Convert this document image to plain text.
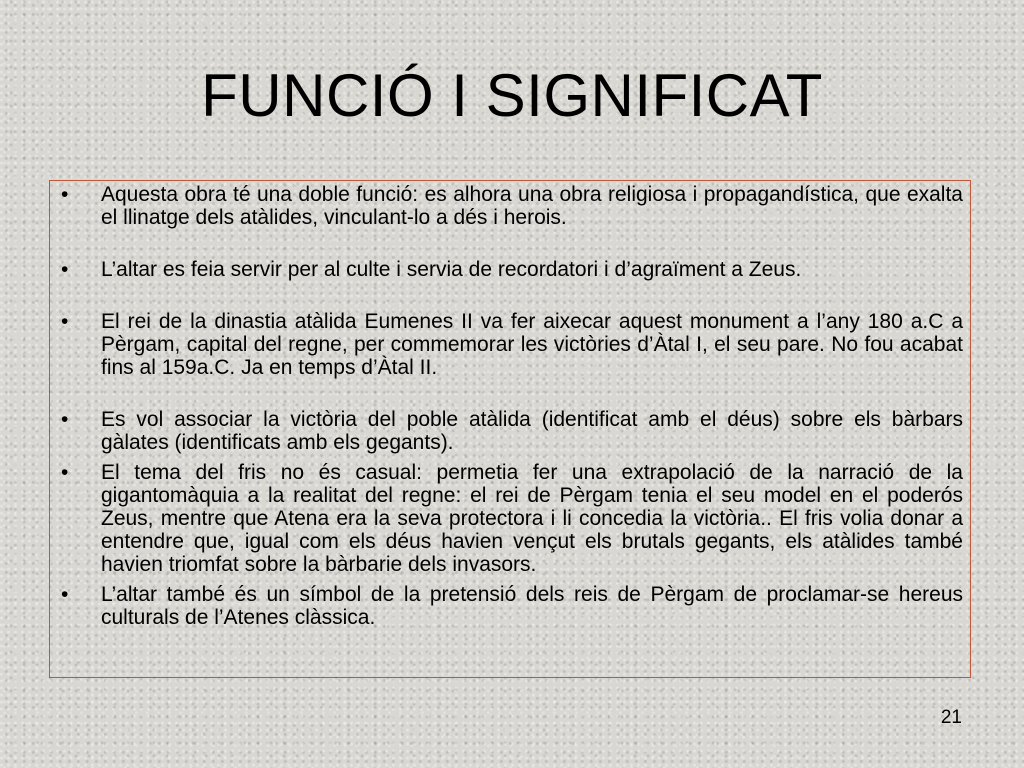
FUNCIÓ I SIGNIFICAT
• Aquesta obra té una doble funció: es alhora una obra religiosa i propagandística, que exalta el llinatge dels atàlides, vinculant-lo a dés i herois.
• L’altar es feia servir per al culte i servia de recordatori i d’agraïment a Zeus.
• El rei de la dinastia atàlida Eumenes II va fer aixecar aquest monument a l’any 180 a.C a Pèrgam, capital del regne, per commemorar les victòries d’Àtal I, el seu pare. No fou acabat fins al 159a.C. Ja en temps d’Àtal II.
• Es vol associar la victòria del poble atàlida (identificat amb el déus) sobre els bàrbars gàlates (identificats amb els gegants).
• El tema del fris no és casual: permetia fer una extrapolació de la narració de la gigantomàquia a la realitat del regne: el rei de Pèrgam tenia el seu model en el poderós Zeus, mentre que Atena era la seva protectora i li concedia la victòria.. El fris volia donar a entendre que, igual com els déus havien vençut els brutals gegants, els atàlides també havien triomfat sobre la bàrbarie dels invasors.
• L’altar també és un símbol de la pretensió dels reis de Pèrgam de proclamar-se hereus culturals de l’Atenes clàssica.
21
